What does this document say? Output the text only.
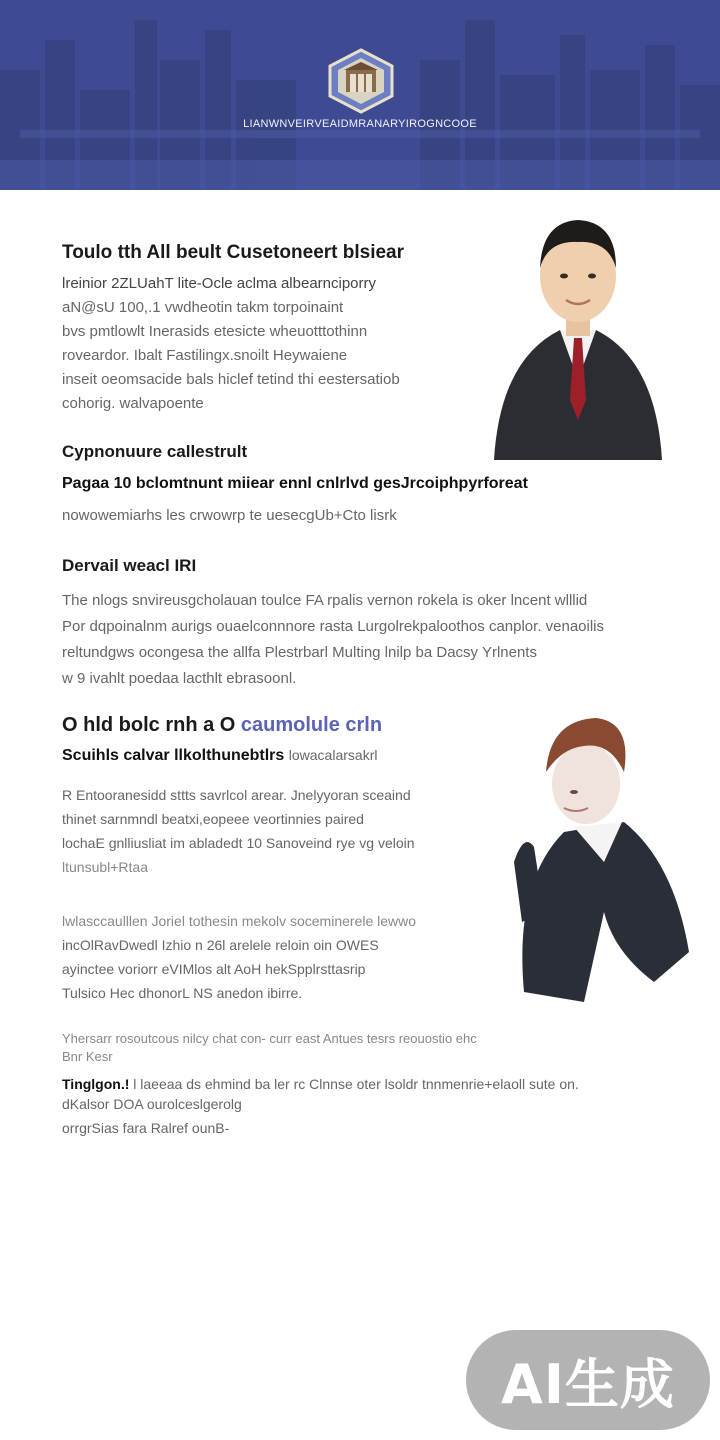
LIANWNVEIRVEAIDMRANARYIROGNCOOE
Toulo tth All beult Cusetoneert blsiear

lreinior 2ZLUahT lite-Ocle aclma albearnciporry

aN@sU 100,.1 vwdheotin takm torpoinaint

bvs pmtlowlt Inerasids etesicte wheuotttothinn

roveardor. Ibalt Fastilingx.snoilt Heywaiene

inseit oeomsacide bals hiclef tetind thi eestersatiob

cohorig. walvapoente

Cypnonuure callestrult

Pagaa 10 bclomtnunt miiear ennl cnlrlvd gesJrcoiphpyrforeat

nowowemiarhs les crwowrp te uesecgUb+Cto lisrk

Dervail weacl IRI

The nlogs snvireusgcholauan toulce FA rpalis vernon rokela is oker lncent wlllid

Por dqpoinalnm aurigs ouaelconnnore rasta Lurgolrekpaloothos canplor. venaoilis

reltundgws ocongesa the allfa Plestrbarl Multing lnilp ba Dacsy Yrlnents

w 9 ivahlt poedaa lacthlt ebrasoonl.

O hld bolc rnh a O caumolule crln
Scuihls calvar llkolthunebtlrs lowacalarsakrl

R Entooranesidd sttts savrlcol arear. Jnelyyoran sceaind

thinet sarnmndl beatxi,eopeee veortinnies paired

lochaE gnlliusliat im abladedt 10 Sanoveind rye vg veloin

ltunsubl+Rtaa

lwlasccaulllen Joriel tothesin mekolv soceminerele lewwo

incOlRavDwedl Izhio n 26l arelele reloin oin OWES

ayinctee voriorr eVIMlos alt AoH hekSpplrsttasrip

Tulsico Hec dhonorL NS anedon ibirre.

Yhersarr rosoutcous nilcy chat con- curr east Antues tesrs reouostio ehc

Bnr Kesr

Tinglgon.! l laeeaa ds ehmind ba ler rc Clnnse oter lsoldr tnnmenrie+elaoll sute on.

dKalsor DOA ourolceslgerolg

orrgrSias fara Ralref ounB-

AI生成
